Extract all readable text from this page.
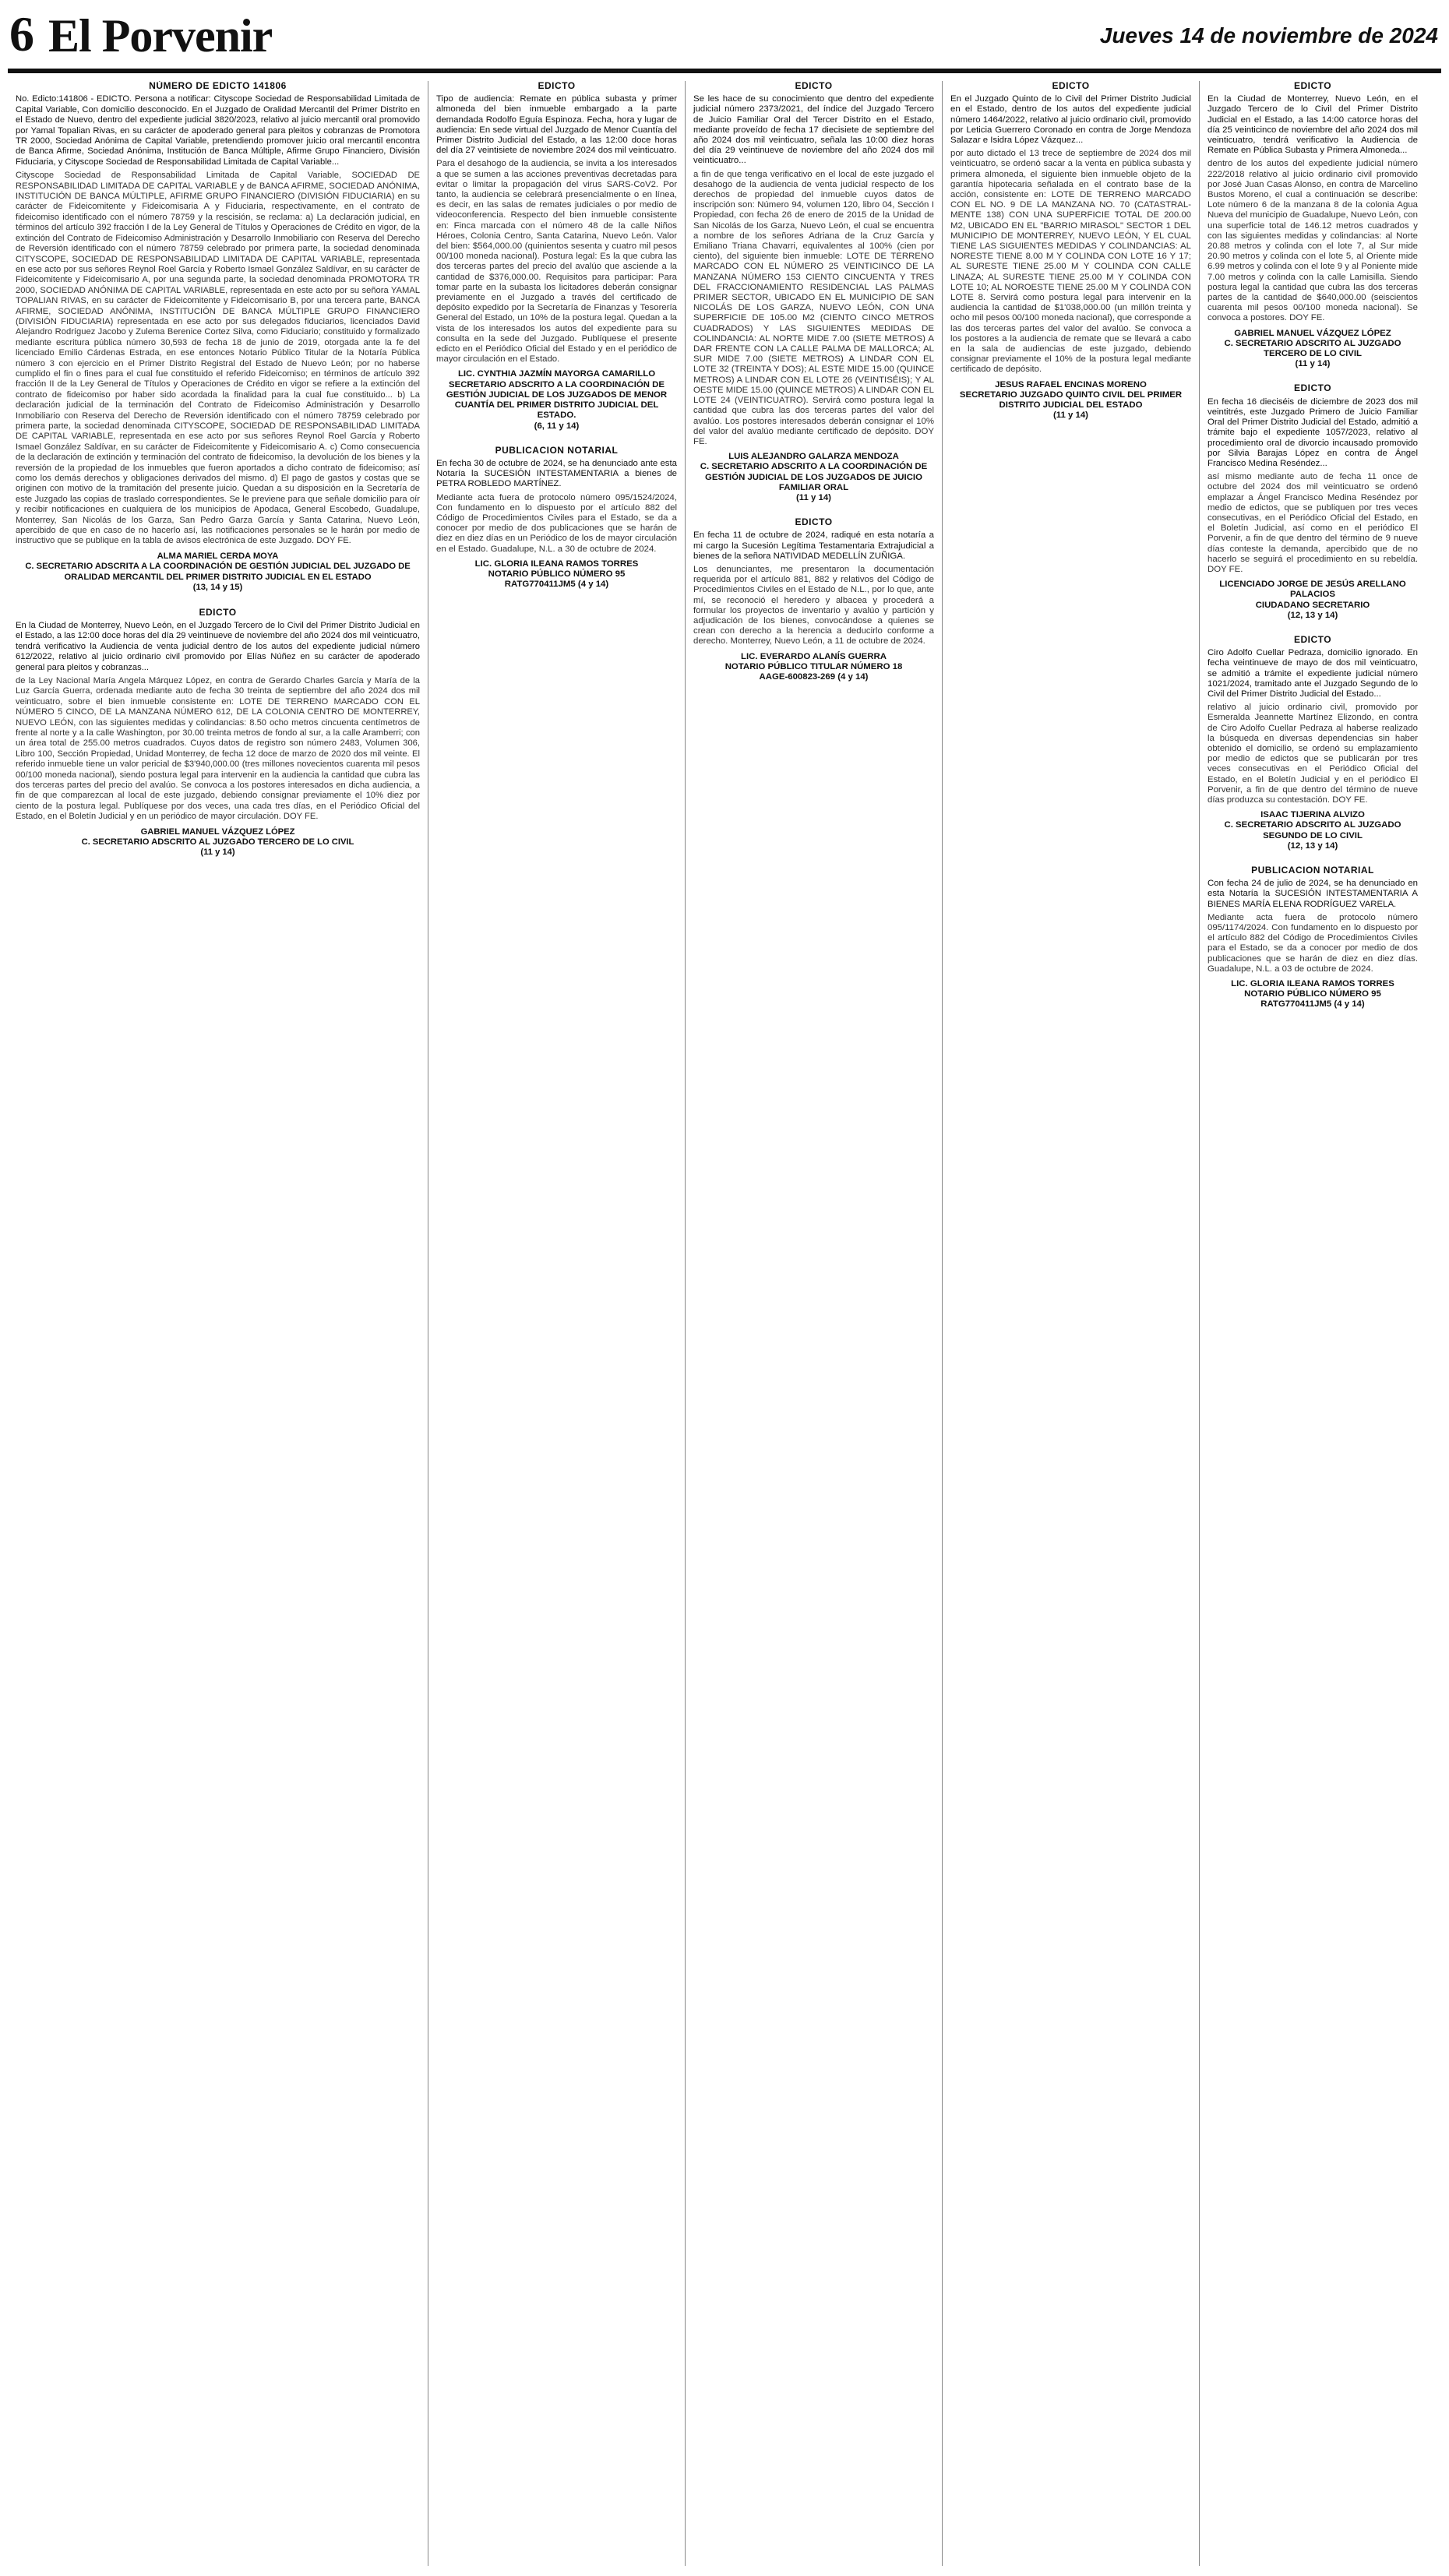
6 El Porvenir	Jueves 14 de noviembre de 2024
NÚMERO DE EDICTO 141806

No. Edicto:141806 - EDICTO. Persona a notificar: Cityscope Sociedad de Responsabilidad Limitada de Capital Variable, Con domicilio desconocido. En el Juzgado de Oralidad Mercantil del Primer Distrito en el Estado de Nuevo, dentro del expediente judicial 3820/2023, relativo al juicio mercantil oral promovido por Yamal Topalian Rivas, en su carácter de apoderado general para pleitos y cobranzas de Promotora TR 2000, Sociedad Anónima de Capital Variable, pretendiendo promover juicio oral mercantil encontra de Banca Afirme, Sociedad Anónima, Institución de Banca Múltiple, Afirme Grupo Financiero, División Fiduciaria, y Cityscope Sociedad de Responsabilidad Limitada de Capital Variable...

Cityscope Sociedad de Responsabilidad Limitada de Capital Variable, SOCIEDAD DE RESPONSABILIDAD LIMITADA DE CAPITAL VARIABLE y de BANCA AFIRME, SOCIEDAD ANÓNIMA, INSTITUCIÓN DE BANCA MÚLTIPLE, AFIRME GRUPO FINANCIERO (DIVISIÓN FIDUCIARIA) en su carácter de Fideicomitente y Fideicomisaria A y Fiduciaria, respectivamente, en el contrato de fideicomiso identificado con el número 78759 y la rescisión, se reclama: a) La declaración judicial, en términos del artículo 392 fracción I de la Ley General de Títulos y Operaciones de Crédito en vigor, de la extinción del Contrato de Fideicomiso Administración y Desarrollo Inmobiliario con Reserva del Derecho de Reversión identificado con el número 78759 celebrado por primera parte, la sociedad denominada CITYSCOPE, SOCIEDAD DE RESPONSABILIDAD LIMITADA DE CAPITAL VARIABLE, representada en ese acto por sus señores Reynol Roel García y Roberto Ismael González Saldívar, en su carácter de Fideicomitente y Fideicomisario A, por una segunda parte, la sociedad denominada PROMOTORA TR 2000, SOCIEDAD ANÓNIMA DE CAPITAL VARIABLE, representada en este acto por su señora YAMAL TOPALIAN RIVAS, en su carácter de Fideicomitente y Fideicomisario B, por una tercera parte, BANCA AFIRME, SOCIEDAD ANÓNIMA, INSTITUCIÓN DE BANCA MÚLTIPLE GRUPO FINANCIERO (DIVISIÓN FIDUCIARIA) representada en ese acto por sus delegados fiduciarios, licenciados David Alejandro Rodríguez Jacobo y Zulema Berenice Cortez Silva, como Fiduciario; constituido y formalizado mediante escritura pública número 30,593 de fecha 18 de junio de 2019, otorgada ante la fe del licenciado Emilio Cárdenas Estrada, en ese entonces Notario Público Titular de la Notaría Pública número 3 con ejercicio en el Primer Distrito Registral del Estado de Nuevo León; por no haberse cumplido el fin o fines para el cual fue constituido el referido Fideicomiso; en términos de artículo 392 fracción II de la Ley General de Títulos y Operaciones de Crédito en vigor se refiere a la extinción del contrato de fideicomiso por haber sido acordada la finalidad para la cual fue constituido... b) La declaración judicial de la terminación del Contrato de Fideicomiso Administración y Desarrollo Inmobiliario con Reserva del Derecho de Reversión identificado con el número 78759 celebrado por primera parte, la sociedad denominada CITYSCOPE, SOCIEDAD DE RESPONSABILIDAD LIMITADA DE CAPITAL VARIABLE, representada en ese acto por sus señores Reynol Roel García y Roberto Ismael González Saldívar, en su carácter de Fideicomitente y Fideicomisario A. c) Como consecuencia de la declaración de extinción y terminación del contrato de fideicomiso, la devolución de los bienes y la reversión de la propiedad de los inmuebles que fueron aportados a dicho contrato de fideicomiso; así como los demás derechos y obligaciones derivados del mismo. d) El pago de gastos y costas que se originen con motivo de la tramitación del presente juicio. Quedan a su disposición en la Secretaría de este Juzgado las copias de traslado correspondientes. Se le previene para que señale domicilio para oír y recibir notificaciones en cualquiera de los municipios de Apodaca, General Escobedo, Guadalupe, Monterrey, San Nicolás de los Garza, San Pedro Garza García y Santa Catarina, Nuevo León, apercibido de que en caso de no hacerlo así, las notificaciones personales se le harán por medio de instructivo que se publique en la tabla de avisos electrónica de este Juzgado. DOY FE.

ALMA MARIEL CERDA MOYA
C. SECRETARIO ADSCRITA A LA COORDINACIÓN DE GESTIÓN JUDICIAL DEL JUZGADO DE ORALIDAD MERCANTIL DEL PRIMER DISTRITO JUDICIAL EN EL ESTADO
(13, 14 y 15)
EDICTO

En la Ciudad de Monterrey, Nuevo León, en el Juzgado Tercero de lo Civil del Primer Distrito Judicial en el Estado, a las 12:00 doce horas del día 29 veintinueve de noviembre del año 2024 dos mil veinticuatro, tendrá verificativo la Audiencia de venta judicial dentro de los autos del expediente judicial número 612/2022, relativo al juicio ordinario civil promovido por Elías Núñez en su carácter de apoderado general para pleitos y cobranzas...

de la Ley Nacional María Angela Márquez López, en contra de Gerardo Charles García y María de la Luz García Guerra, ordenada mediante auto de fecha 30 treinta de septiembre del año 2024 dos mil veinticuatro, sobre el bien inmueble consistente en: LOTE DE TERRENO MARCADO CON EL NÚMERO 5 CINCO, DE LA MANZANA NÚMERO 612, DE LA COLONIA CENTRO DE MONTERREY, NUEVO LEÓN, con las siguientes medidas y colindancias: 8.50 ocho metros cincuenta centímetros de frente al norte y a la calle Washington, por 30.00 treinta metros de fondo al sur, a la calle Aramberri; con un área total de 255.00 metros cuadrados. Cuyos datos de registro son número 2483, Volumen 306, Libro 100, Sección Propiedad, Unidad Monterrey, de fecha 12 doce de marzo de 2020 dos mil veinte. El referido inmueble tiene un valor pericial de $3'940,000.00 (tres millones novecientos cuarenta mil pesos 00/100 moneda nacional), siendo postura legal para intervenir en la audiencia la cantidad que cubra las dos terceras partes del precio del avalúo. Se convoca a los postores interesados en dicha audiencia, a fin de que comparezcan al local de este juzgado, debiendo consignar previamente el 10% diez por ciento de la postura legal. Publíquese por dos veces, una cada tres días, en el Periódico Oficial del Estado, en el Boletín Judicial y en un periódico de mayor circulación. DOY FE.

GABRIEL MANUEL VÁZQUEZ LÓPEZ
C. SECRETARIO ADSCRITO AL JUZGADO TERCERO DE LO CIVIL
(11 y 14)
EDICTO

Tipo de audiencia: Remate en pública subasta y primer almoneda del bien inmueble embargado a la parte demandada Rodolfo Eguía Espinoza. Fecha, hora y lugar de audiencia: En sede virtual del Juzgado de Menor Cuantía del Primer Distrito Judicial del Estado, a las 12:00 doce horas del día 27 veintisiete de noviembre 2024 dos mil veinticuatro.

Para el desahogo de la audiencia, se invita a los interesados a que se sumen a las acciones preventivas decretadas para evitar o limitar la propagación del virus SARS-CoV2. Por tanto, la audiencia se celebrará presencialmente o en línea, es decir, en las salas de remates judiciales o por medio de videoconferencia. Respecto del bien inmueble consistente en: Finca marcada con el número 48 de la calle Niños Héroes, Colonia Centro, Santa Catarina, Nuevo León. Valor del bien: $564,000.00 (quinientos sesenta y cuatro mil pesos 00/100 moneda nacional). Postura legal: Es la que cubra las dos terceras partes del precio del avalúo que asciende a la cantidad de $376,000.00. Requisitos para participar: Para tomar parte en la subasta los licitadores deberán consignar previamente en el Juzgado a través del certificado de depósito expedido por la Secretaría de Finanzas y Tesorería General del Estado, un 10% de la postura legal. Quedan a la vista de los interesados los autos del expediente para su consulta en la sede del Juzgado. Publíquese el presente edicto en el Periódico Oficial del Estado y en el periódico de mayor circulación en el Estado.

LIC. CYNTHIA JAZMÍN MAYORGA CAMARILLO
SECRETARIO ADSCRITO A LA COORDINACIÓN DE GESTIÓN JUDICIAL DE LOS JUZGADOS DE MENOR CUANTÍA DEL PRIMER DISTRITO JUDICIAL DEL ESTADO.
(6, 11 y 14)
PUBLICACION NOTARIAL

En fecha 30 de octubre de 2024, se ha denunciado ante esta Notaría la SUCESIÓN INTESTAMENTARIA a bienes de PETRA ROBLEDO MARTÍNEZ.

Mediante acta fuera de protocolo número 095/1524/2024, Con fundamento en lo dispuesto por el artículo 882 del Código de Procedimientos Civiles para el Estado, se da a conocer por medio de dos publicaciones que se harán de diez en diez días en un Periódico de los de mayor circulación en el Estado. Guadalupe, N.L. a 30 de octubre de 2024.

LIC. GLORIA ILEANA RAMOS TORRES
NOTARIO PÚBLICO NÚMERO 95
RATG770411JM5 (4 y 14)
EDICTO

Se les hace de su conocimiento que dentro del expediente judicial número 2373/2021, del índice del Juzgado Tercero de Juicio Familiar Oral del Tercer Distrito en el Estado, mediante proveído de fecha 17 diecisiete de septiembre del año 2024 dos mil veinticuatro, señala las 10:00 diez horas del día 29 veintinueve de noviembre del año 2024 dos mil veinticuatro...

a fin de que tenga verificativo en el local de este juzgado el desahogo de la audiencia de venta judicial respecto de los derechos de propiedad del inmueble cuyos datos de inscripción son: Número 94, volumen 120, libro 04, Sección I Propiedad, con fecha 26 de enero de 2015 de la Unidad de San Nicolás de los Garza, Nuevo León, el cual se encuentra a nombre de los señores Adriana de la Cruz García y Emiliano Triana Chavarri, equivalentes al 100% (cien por ciento), del siguiente bien inmueble: LOTE DE TERRENO MARCADO CON EL NÚMERO 25 VEINTICINCO DE LA MANZANA NÚMERO 153 CIENTO CINCUENTA Y TRES DEL FRACCIONAMIENTO RESIDENCIAL LAS PALMAS PRIMER SECTOR, UBICADO EN EL MUNICIPIO DE SAN NICOLÁS DE LOS GARZA, NUEVO LEÓN, CON UNA SUPERFICIE DE 105.00 M2 (CIENTO CINCO METROS CUADRADOS) Y LAS SIGUIENTES MEDIDAS DE COLINDANCIA: AL NORTE MIDE 7.00 (SIETE METROS) A DAR FRENTE CON LA CALLE PALMA DE MALLORCA; AL SUR MIDE 7.00 (SIETE METROS) A LINDAR CON EL LOTE 32 (TREINTA Y DOS); AL ESTE MIDE 15.00 (QUINCE METROS) A LINDAR CON EL LOTE 26 (VEINTISÉIS); Y AL OESTE MIDE 15.00 (QUINCE METROS) A LINDAR CON EL LOTE 24 (VEINTICUATRO). Servirá como postura legal la cantidad que cubra las dos terceras partes del valor del avalúo. Los postores interesados deberán consignar el 10% del valor del avalúo mediante certificado de depósito. DOY FE.

LUIS ALEJANDRO GALARZA MENDOZA
C. SECRETARIO ADSCRITO A LA COORDINACIÓN DE GESTIÓN JUDICIAL DE LOS JUZGADOS DE JUICIO FAMILIAR ORAL
(11 y 14)
EDICTO

En fecha 11 de octubre de 2024, radiqué en esta notaría a mi cargo la Sucesión Legítima Testamentaria Extrajudicial a bienes de la señora NATIVIDAD MEDELLÍN ZUÑIGA.

Los denunciantes, me presentaron la documentación requerida por el artículo 881, 882 y relativos del Código de Procedimientos Civiles en el Estado de N.L., por lo que, ante mí, se reconoció el heredero y albacea y procederá a formular los proyectos de inventario y avalúo y partición y adjudicación de los bienes, convocándose a quienes se crean con derecho a la herencia a deducirlo conforme a derecho. Monterrey, Nuevo León, a 11 de octubre de 2024.

LIC. EVERARDO ALANÍS GUERRA
NOTARIO PÚBLICO TITULAR NÚMERO 18
AAGE-600823-269 (4 y 14)
EDICTO

En el Juzgado Quinto de lo Civil del Primer Distrito Judicial en el Estado, dentro de los autos del expediente judicial número 1464/2022, relativo al juicio ordinario civil, promovido por Leticia Guerrero Coronado en contra de Jorge Mendoza Salazar e Isidra López Vázquez...

por auto dictado el 13 trece de septiembre de 2024 dos mil veinticuatro, se ordenó sacar a la venta en pública subasta y primera almoneda, el siguiente bien inmueble objeto de la garantía hipotecaria señalada en el contrato base de la acción, consistente en: LOTE DE TERRENO MARCADO CON EL NO. 9 DE LA MANZANA NO. 70 (CATASTRAL-MENTE 138) CON UNA SUPERFICIE TOTAL DE 200.00 M2, UBICADO EN EL "BARRIO MIRASOL" SECTOR 1 DEL MUNICIPIO DE MONTERREY, NUEVO LEÓN, Y EL CUAL TIENE LAS SIGUIENTES MEDIDAS Y COLINDANCIAS: AL NORESTE TIENE 8.00 M Y COLINDA CON LOTE 16 Y 17; AL SURESTE TIENE 25.00 M Y COLINDA CON CALLE LINAZA; AL SURESTE TIENE 25.00 M Y COLINDA CON LOTE 10; AL NOROESTE TIENE 25.00 M Y COLINDA CON LOTE 8. Servirá como postura legal para intervenir en la audiencia la cantidad de $1'038,000.00 (un millón treinta y ocho mil pesos 00/100 moneda nacional), que corresponde a las dos terceras partes del valor del avalúo. Se convoca a los postores a la audiencia de remate que se llevará a cabo en la sala de audiencias de este juzgado, debiendo consignar previamente el 10% de la postura legal mediante certificado de depósito.

JESUS RAFAEL ENCINAS MORENO
SECRETARIO JUZGADO QUINTO CIVIL DEL PRIMER DISTRITO JUDICIAL DEL ESTADO
(11 y 14)
EDICTO

En la Ciudad de Monterrey, Nuevo León, en el Juzgado Tercero de lo Civil del Primer Distrito Judicial en el Estado, a las 14:00 catorce horas del día 25 veinticinco de noviembre del año 2024 dos mil veinticuatro, tendrá verificativo la Audiencia de Remate en Pública Subasta y Primera Almoneda...

dentro de los autos del expediente judicial número 222/2018 relativo al juicio ordinario civil promovido por José Juan Casas Alonso, en contra de Marcelino Bustos Moreno, el cual a continuación se describe: Lote número 6 de la manzana 8 de la colonia Agua Nueva del municipio de Guadalupe, Nuevo León, con una superficie total de 146.12 metros cuadrados y con las siguientes medidas y colindancias: al Norte 20.88 metros y colinda con el lote 7, al Sur mide 20.90 metros y colinda con el lote 5, al Oriente mide 6.99 metros y colinda con el lote 9 y al Poniente mide 7.00 metros y colinda con la calle Lamisilla. Siendo postura legal la cantidad que cubra las dos terceras partes de la cantidad de $640,000.00 (seiscientos cuarenta mil pesos 00/100 moneda nacional). Se convoca a postores. DOY FE.

GABRIEL MANUEL VÁZQUEZ LÓPEZ
C. SECRETARIO ADSCRITO AL JUZGADO TERCERO DE LO CIVIL
(11 y 14)
EDICTO

En fecha 16 dieciséis de diciembre de 2023 dos mil veintitrés, este Juzgado Primero de Juicio Familiar Oral del Primer Distrito Judicial del Estado, admitió a trámite bajo el expediente 1057/2023, relativo al procedimiento oral de divorcio incausado promovido por Silvia Barajas López en contra de Ángel Francisco Medina Reséndez...

así mismo mediante auto de fecha 11 once de octubre del 2024 dos mil veinticuatro se ordenó emplazar a Ángel Francisco Medina Reséndez por medio de edictos, que se publiquen por tres veces consecutivas, en el Periódico Oficial del Estado, en el Boletín Judicial, así como en el periódico El Porvenir, a fin de que dentro del término de 9 nueve días conteste la demanda, apercibido que de no hacerlo se seguirá el procedimiento en su rebeldía. DOY FE.

LICENCIADO JORGE DE JESÚS ARELLANO PALACIOS
CIUDADANO SECRETARIO
(12, 13 y 14)
EDICTO

Ciro Adolfo Cuellar Pedraza, domicilio ignorado. En fecha veintinueve de mayo de dos mil veinticuatro, se admitió a trámite el expediente judicial número 1021/2024, tramitado ante el Juzgado Segundo de lo Civil del Primer Distrito Judicial del Estado...

relativo al juicio ordinario civil, promovido por Esmeralda Jeannette Martínez Elizondo, en contra de Ciro Adolfo Cuellar Pedraza al haberse realizado la búsqueda en diversas dependencias sin haber obtenido el domicilio, se ordenó su emplazamiento por medio de edictos que se publicarán por tres veces consecutivas en el Periódico Oficial del Estado, en el Boletín Judicial y en el periódico El Porvenir, a fin de que dentro del término de nueve días produzca su contestación. DOY FE.

ISAAC TIJERINA ALVIZO
C. SECRETARIO ADSCRITO AL JUZGADO SEGUNDO DE LO CIVIL
(12, 13 y 14)
PUBLICACION NOTARIAL

Con fecha 24 de julio de 2024, se ha denunciado en esta Notaría la SUCESIÓN INTESTAMENTARIA A BIENES MARÍA ELENA RODRÍGUEZ VARELA.

Mediante acta fuera de protocolo número 095/1174/2024. Con fundamento en lo dispuesto por el artículo 882 del Código de Procedimientos Civiles para el Estado, se da a conocer por medio de dos publicaciones que se harán de diez en diez días. Guadalupe, N.L. a 03 de octubre de 2024.

LIC. GLORIA ILEANA RAMOS TORRES
NOTARIO PÚBLICO NÚMERO 95
RATG770411JM5 (4 y 14)
